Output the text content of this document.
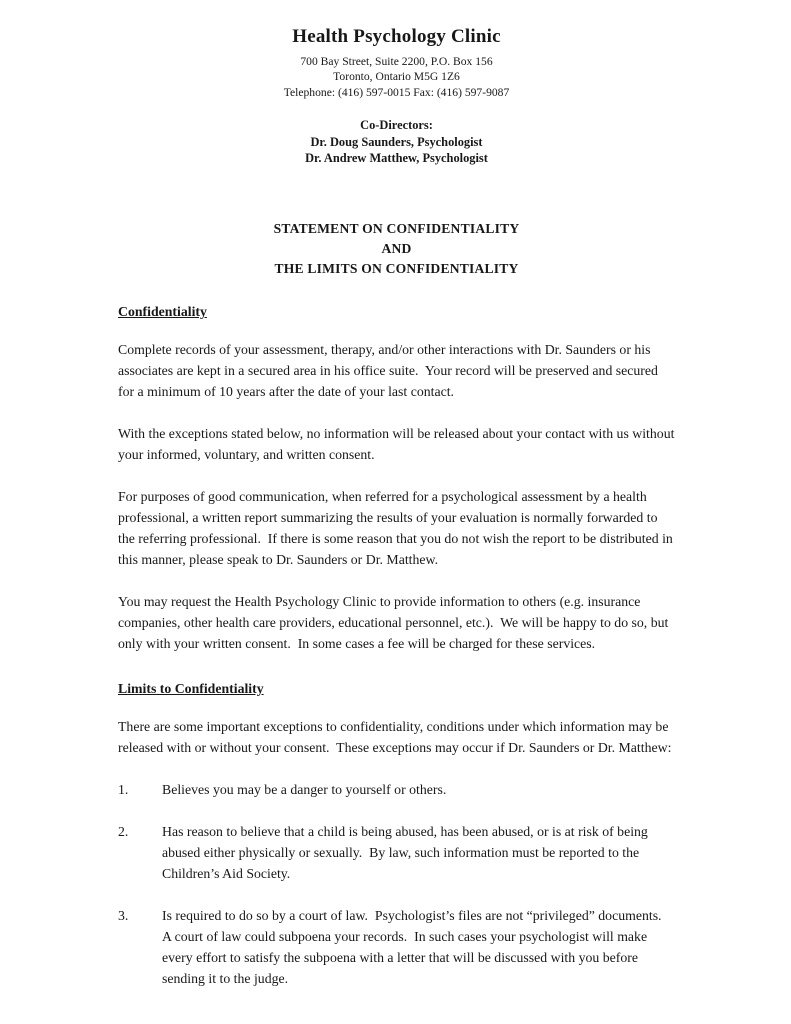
Health Psychology Clinic
700 Bay Street, Suite 2200, P.O. Box 156
Toronto, Ontario M5G 1Z6
Telephone: (416) 597-0015 Fax: (416) 597-9087
Co-Directors:
Dr. Doug Saunders, Psychologist
Dr. Andrew Matthew, Psychologist
STATEMENT ON CONFIDENTIALITY
AND
THE LIMITS ON CONFIDENTIALITY
Confidentiality

Complete records of your assessment, therapy, and/or other interactions with Dr. Saunders or his associates are kept in a secured area in his office suite.  Your record will be preserved and secured for a minimum of 10 years after the date of your last contact.

With the exceptions stated below, no information will be released about your contact with us without your informed, voluntary, and written consent.

For purposes of good communication, when referred for a psychological assessment by a health professional, a written report summarizing the results of your evaluation is normally forwarded to the referring professional.  If there is some reason that you do not wish the report to be distributed in this manner, please speak to Dr. Saunders or Dr. Matthew.

You may request the Health Psychology Clinic to provide information to others (e.g. insurance companies, other health care providers, educational personnel, etc.).  We will be happy to do so, but only with your written consent.  In some cases a fee will be charged for these services.

Limits to Confidentiality

There are some important exceptions to confidentiality, conditions under which information may be released with or without your consent.  These exceptions may occur if Dr. Saunders or Dr. Matthew:

1.	Believes you may be a danger to yourself or others.
2.	Has reason to believe that a child is being abused, has been abused, or is at risk of being abused either physically or sexually.  By law, such information must be reported to the Children’s Aid Society.
3.	Is required to do so by a court of law.  Psychologist’s files are not “privileged” documents.  A court of law could subpoena your records.  In such cases your psychologist will make every effort to satisfy the subpoena with a letter that will be discussed with you before sending it to the judge.
